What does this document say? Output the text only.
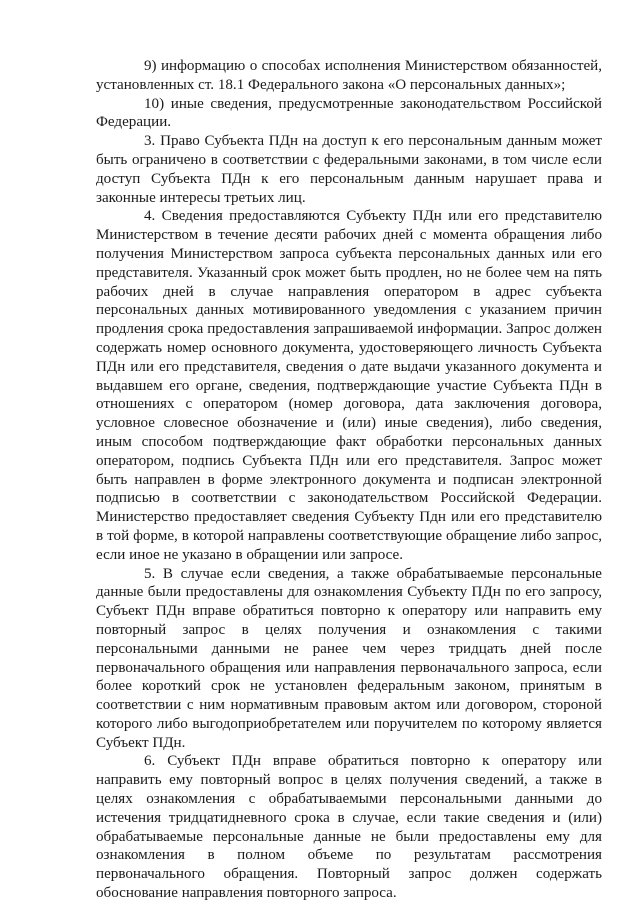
9) информацию о способах исполнения Министерством обязанностей, установленных ст. 18.1 Федерального закона «О персональных данных»;

10) иные сведения, предусмотренные законодательством Российской Федерации.

3. Право Субъекта ПДн на доступ к его персональным данным может быть ограничено в соответствии с федеральными законами, в том числе если доступ Субъекта ПДн к его персональным данным нарушает права и законные интересы третьих лиц.

4. Сведения предоставляются Субъекту ПДн или его представителю Министерством в течение десяти рабочих дней с момента обращения либо получения Министерством запроса субъекта персональных данных или его представителя. Указанный срок может быть продлен, но не более чем на пять рабочих дней в случае направления оператором в адрес субъекта персональных данных мотивированного уведомления с указанием причин продления срока предоставления запрашиваемой информации. Запрос должен содержать номер основного документа, удостоверяющего личность Субъекта ПДн или его представителя, сведения о дате выдачи указанного документа и выдавшем его органе, сведения, подтверждающие участие Субъекта ПДн в отношениях с оператором (номер договора, дата заключения договора, условное словесное обозначение и (или) иные сведения), либо сведения, иным способом подтверждающие факт обработки персональных данных оператором, подпись Субъекта ПДн или его представителя. Запрос может быть направлен в форме электронного документа и подписан электронной подписью в соответствии с законодательством Российской Федерации. Министерство предоставляет сведения Субъекту Пдн или его представителю в той форме, в которой направлены соответствующие обращение либо запрос, если иное не указано в обращении или запросе.

5. В случае если сведения, а также обрабатываемые персональные данные были предоставлены для ознакомления Субъекту ПДн по его запросу, Субъект ПДн вправе обратиться повторно к оператору или направить ему повторный запрос в целях получения и ознакомления с такими персональными данными не ранее чем через тридцать дней после первоначального обращения или направления первоначального запроса, если более короткий срок не установлен федеральным законом, принятым в соответствии с ним нормативным правовым актом или договором, стороной которого либо выгодоприобретателем или поручителем по которому является Субъект ПДн.

6. Субъект ПДн вправе обратиться повторно к оператору или направить ему повторный вопрос в целях получения сведений, а также в целях ознакомления с обрабатываемыми персональными данными до истечения тридцатидневного срока в случае, если такие сведения и (или) обрабатываемые персональные данные не были предоставлены ему для ознакомления в полном объеме по результатам рассмотрения первоначального обращения. Повторный запрос должен содержать обоснование направления повторного запроса.
